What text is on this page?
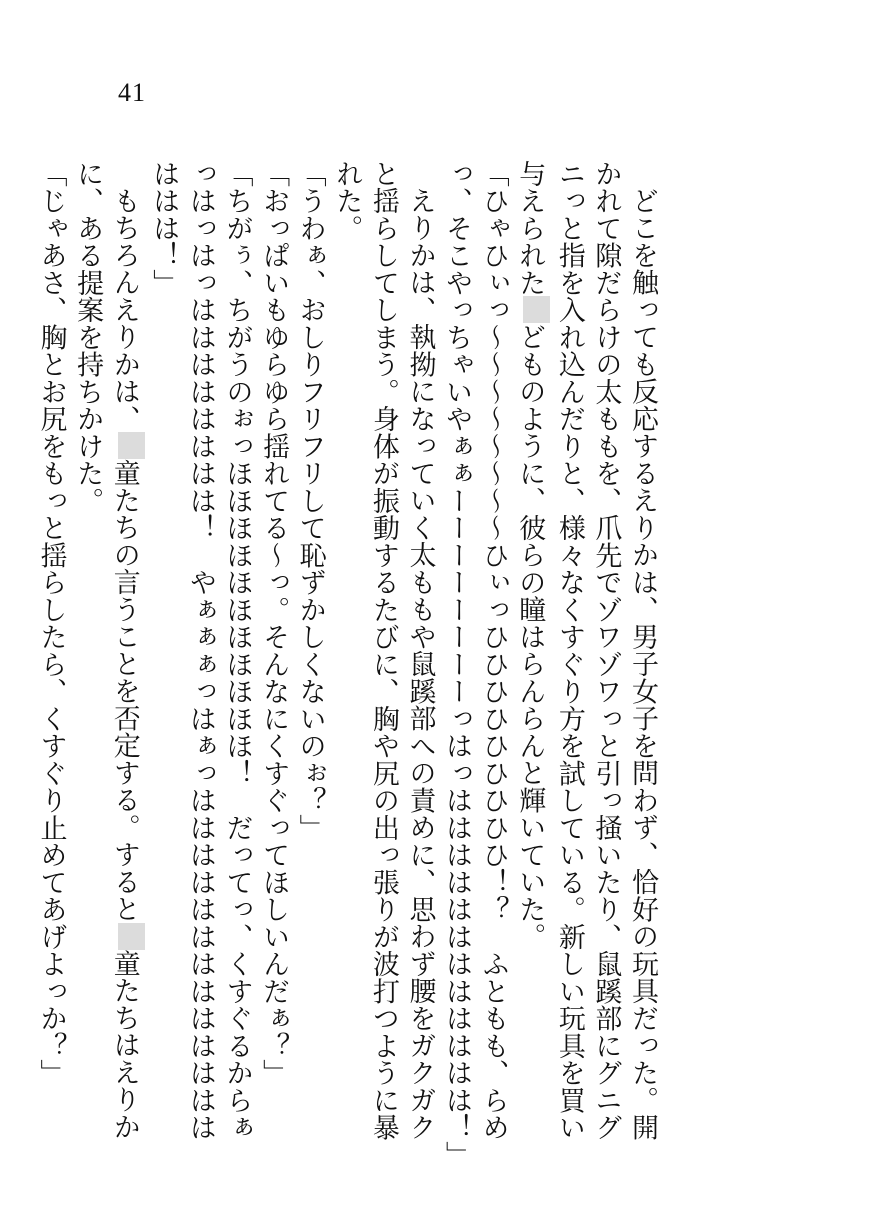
41

どこを触っても反応するえりかは、男子女子を問わず、恰好の玩具だった。開かれて隙だらけの太ももを、爪先でゾワゾワっと引っ掻いたり、鼠蹊部にグニグニっと指を入れ込んだりと、様々なくすぐり方を試している。新しい玩具を買い与えられたどものように、彼らの瞳はらんらんと輝いていた。

「ひゃひぃっ〜〜〜〜〜〜〜〜ひぃっひひひひひひひひひ！？　ふともも、らめっ、そこやっちゃいやぁぁーーーーーーーーっはっはははははははははははは！」

えりかは、執拗になっていく太ももや鼠蹊部への責めに、思わず腰をガクガクと揺らしてしまう。身体が振動するたびに、胸や尻の出っ張りが波打つように暴れた。

「うわぁ、おしりフリフリして恥ずかしくないのぉ？」

「おっぱいもゆらゆら揺れてる〜っ。そんなにくすぐってほしいんだぁ？」

「ちがぅ、ちがうのぉっほほほほほほほほほほほ！　だってっ、くすぐるからぁっはっはっはははははははは！　やぁぁぁっはぁっはははははははははははははははは！」

もちろんえりかは、童たちの言うことを否定する。すると童たちはえりかに、ある提案を持ちかけた。

「じゃあさ、胸とお尻をもっと揺らしたら、くすぐり止めてあげよっか？」
